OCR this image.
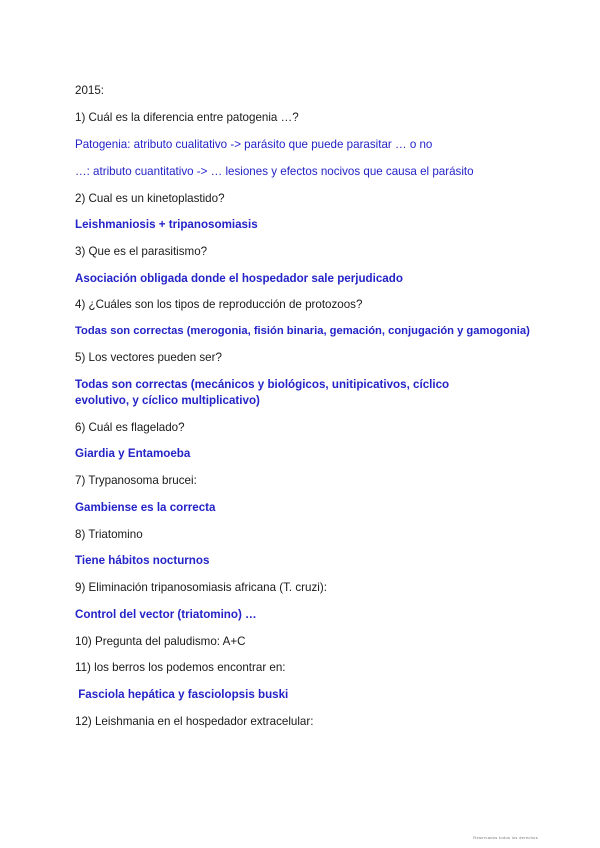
2015:
1) Cuál es la diferencia entre patogenia …?
Patogenia: atributo cualitativo -> parásito que puede parasitar … o no
…: atributo cuantitativo -> … lesiones y efectos nocivos que causa el parásito
2) Cual es un kinetoplastido?
Leishmaniosis + tripanosomiasis
3) Que es el parasitismo?
Asociación obligada donde el hospedador sale perjudicado
4) ¿Cuáles son los tipos de reproducción de protozoos?
Todas son correctas (merogonia, fisión binaria, gemación, conjugación y gamogonia)
5) Los vectores pueden ser?
Todas son correctas (mecánicos y biológicos, unitipicativos, cíclico evolutivo, y cíclico multiplicativo)
6) Cuál es flagelado?
Giardia y Entamoeba
7) Trypanosoma brucei:
Gambiense es la correcta
8) Triatomino
Tiene hábitos nocturnos
9) Eliminación tripanosomiasis africana (T. cruzi):
Control del vector (triatomino) …
10) Pregunta del paludismo: A+C
11) los berros los podemos encontrar en:
Fasciola hepática y fasciolopsis buski
12) Leishmania en el hospedador extracelular:
Reservados todos los derechos
